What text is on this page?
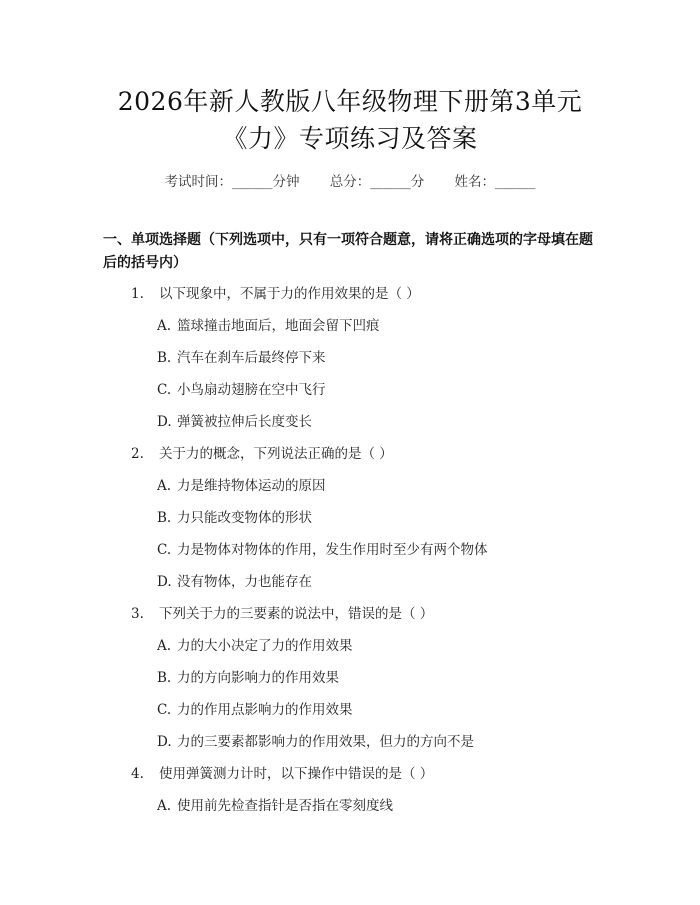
2026年新人教版八年级物理下册第3单元
《力》专项练习及答案
考试时间：______分钟 总分：______分 姓名：______
一、单项选择题（下列选项中，只有一项符合题意，请将正确选项的字母填在题后的括号内）
1. 以下现象中，不属于力的作用效果的是（ ）
A. 篮球撞击地面后，地面会留下凹痕
B. 汽车在刹车后最终停下来
C. 小鸟扇动翅膀在空中飞行
D. 弹簧被拉伸后长度变长
2. 关于力的概念，下列说法正确的是（ ）
A. 力是维持物体运动的原因
B. 力只能改变物体的形状
C. 力是物体对物体的作用，发生作用时至少有两个物体
D. 没有物体，力也能存在
3. 下列关于力的三要素的说法中，错误的是（ ）
A. 力的大小决定了力的作用效果
B. 力的方向影响力的作用效果
C. 力的作用点影响力的作用效果
D. 力的三要素都影响力的作用效果，但力的方向不是
4. 使用弹簧测力计时，以下操作中错误的是（ ）
A. 使用前先检查指针是否指在零刻度线
